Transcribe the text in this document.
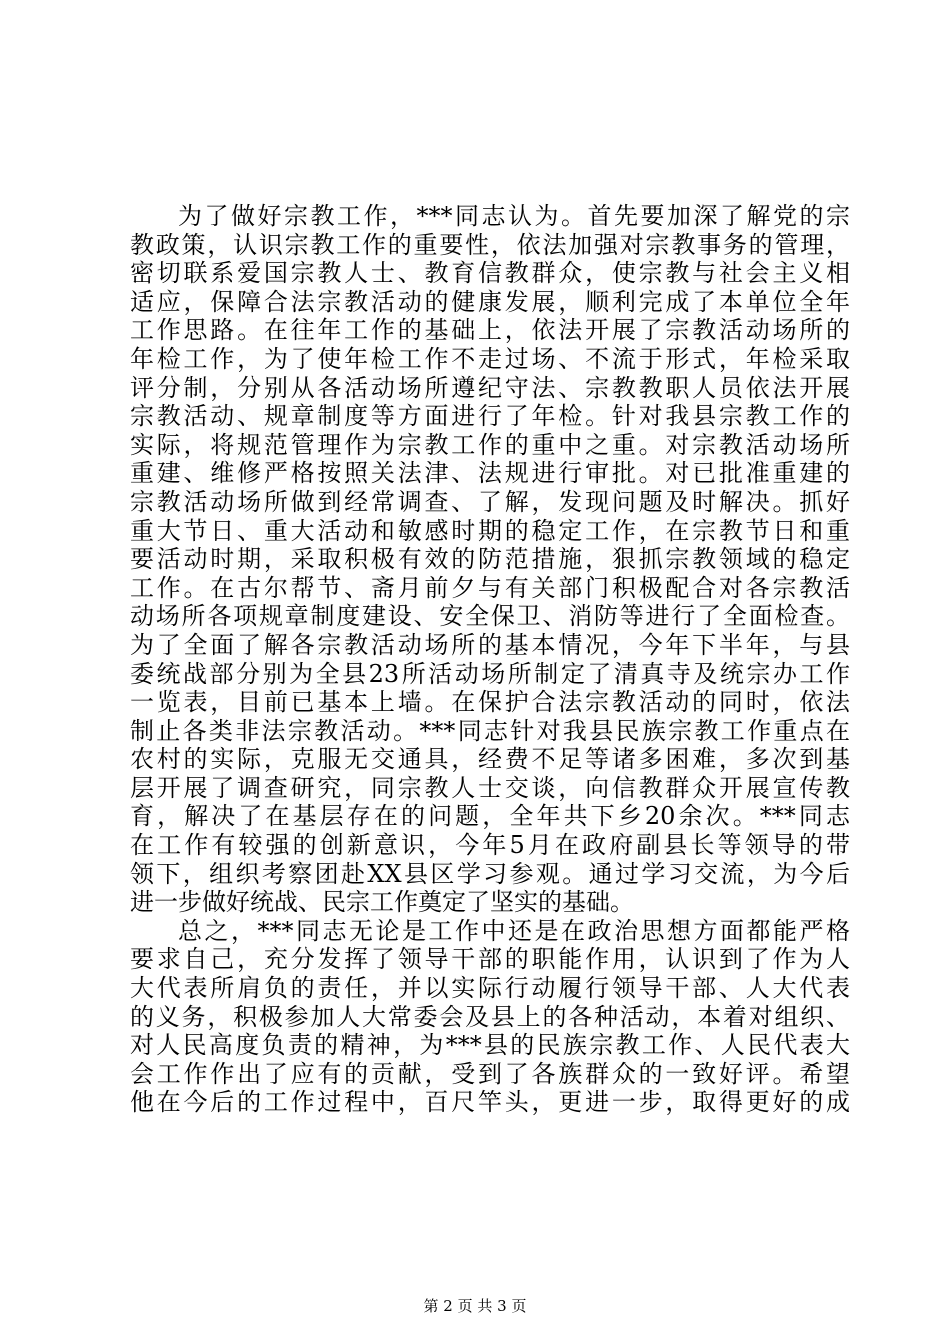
为了做好宗教工作，***同志认为。首先要加深了解党的宗
教政策，认识宗教工作的重要性，依法加强对宗教事务的管理，
密切联系爱国宗教人士、教育信教群众，使宗教与社会主义相
适应，保障合法宗教活动的健康发展，顺利完成了本单位全年
工作思路。在往年工作的基础上，依法开展了宗教活动场所的
年检工作，为了使年检工作不走过场、不流于形式，年检采取
评分制，分别从各活动场所遵纪守法、宗教教职人员依法开展
宗教活动、规章制度等方面进行了年检。针对我县宗教工作的
实际，将规范管理作为宗教工作的重中之重。对宗教活动场所
重建、维修严格按照关法津、法规进行审批。对已批准重建的
宗教活动场所做到经常调查、了解，发现问题及时解决。抓好
重大节日、重大活动和敏感时期的稳定工作，在宗教节日和重
要活动时期，采取积极有效的防范措施，狠抓宗教领域的稳定
工作。在古尔帮节、斋月前夕与有关部门积极配合对各宗教活
动场所各项规章制度建设、安全保卫、消防等进行了全面检查。
为了全面了解各宗教活动场所的基本情况，今年下半年，与县
委统战部分别为全县23所活动场所制定了清真寺及统宗办工作
一览表，目前已基本上墙。在保护合法宗教活动的同时，依法
制止各类非法宗教活动。***同志针对我县民族宗教工作重点在
农村的实际，克服无交通具，经费不足等诸多困难，多次到基
层开展了调查研究，同宗教人士交谈，向信教群众开展宣传教
育，解决了在基层存在的问题，全年共下乡20余次。***同志
在工作有较强的创新意识，今年5月在政府副县长等领导的带
领下，组织考察团赴XX县区学习参观。通过学习交流，为今后
进一步做好统战、民宗工作奠定了坚实的基础。
总之，***同志无论是工作中还是在政治思想方面都能严格
要求自己，充分发挥了领导干部的职能作用，认识到了作为人
大代表所肩负的责任，并以实际行动履行领导干部、人大代表
的义务，积极参加人大常委会及县上的各种活动，本着对组织、
对人民高度负责的精神，为***县的民族宗教工作、人民代表大
会工作作出了应有的贡献，受到了各族群众的一致好评。希望
他在今后的工作过程中，百尺竿头，更进一步，取得更好的成
第 2 页 共 3 页
